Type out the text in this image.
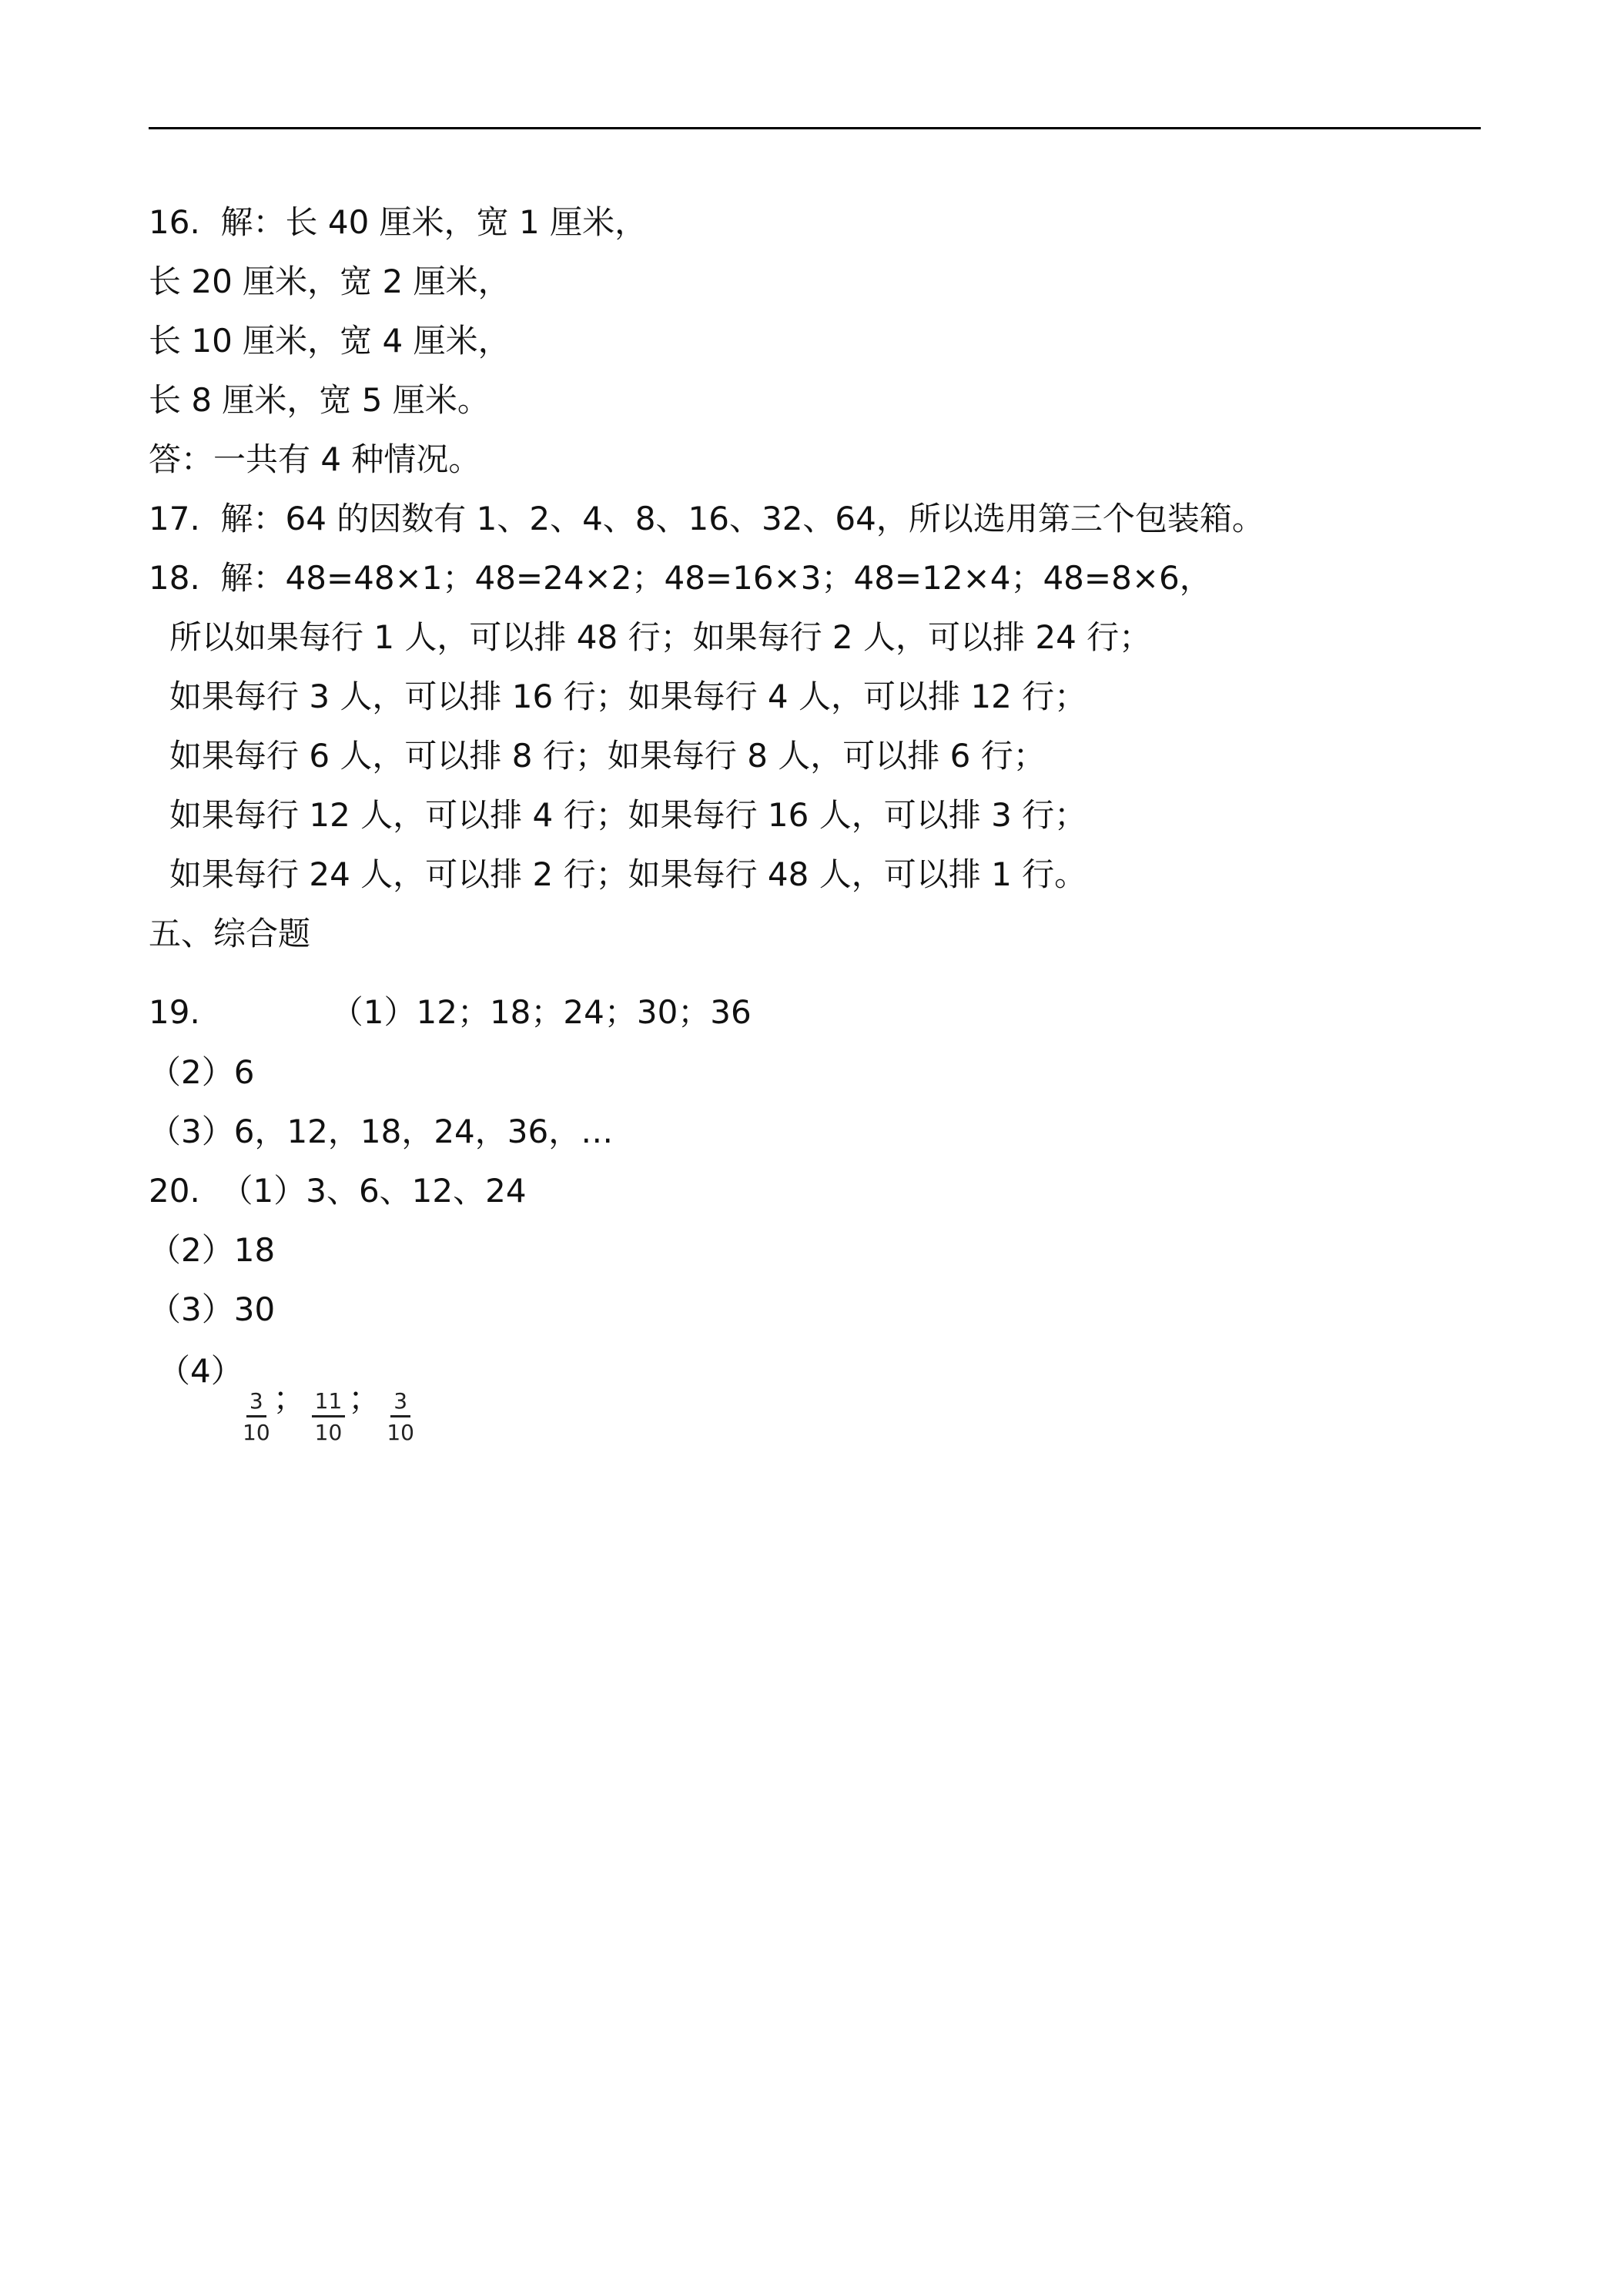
16.  解：长 40 厘米，宽 1 厘米，
长 20 厘米，宽 2 厘米，
长 10 厘米，宽 4 厘米，
长 8 厘米，宽 5 厘米。
答：一共有 4 种情况。
17.  解：64 的因数有 1、2、4、8、16、32、64，所以选用第三个包装箱。
18.  解：48=48×1；48=24×2；48=16×3；48=12×4；48=8×6，
所以如果每行 1 人，可以排 48 行；如果每行 2 人，可以排 24 行；
如果每行 3 人，可以排 16 行；如果每行 4 人，可以排 12 行；
如果每行 6 人，可以排 8 行；如果每行 8 人，可以排 6 行；
如果每行 12 人，可以排 4 行；如果每行 16 人，可以排 3 行；
如果每行 24 人，可以排 2 行；如果每行 48 人，可以排 1 行。
五、综合题
19.	（1）12；18；24；30；36
（2）6
（3）6，12，18，24，36，…
20.  （1）3、6、12、24
（2）18
（3）30
（4）
$\frac{3}{10}$ ； $\frac{11}{10}$ ； $\frac{3}{10}$
